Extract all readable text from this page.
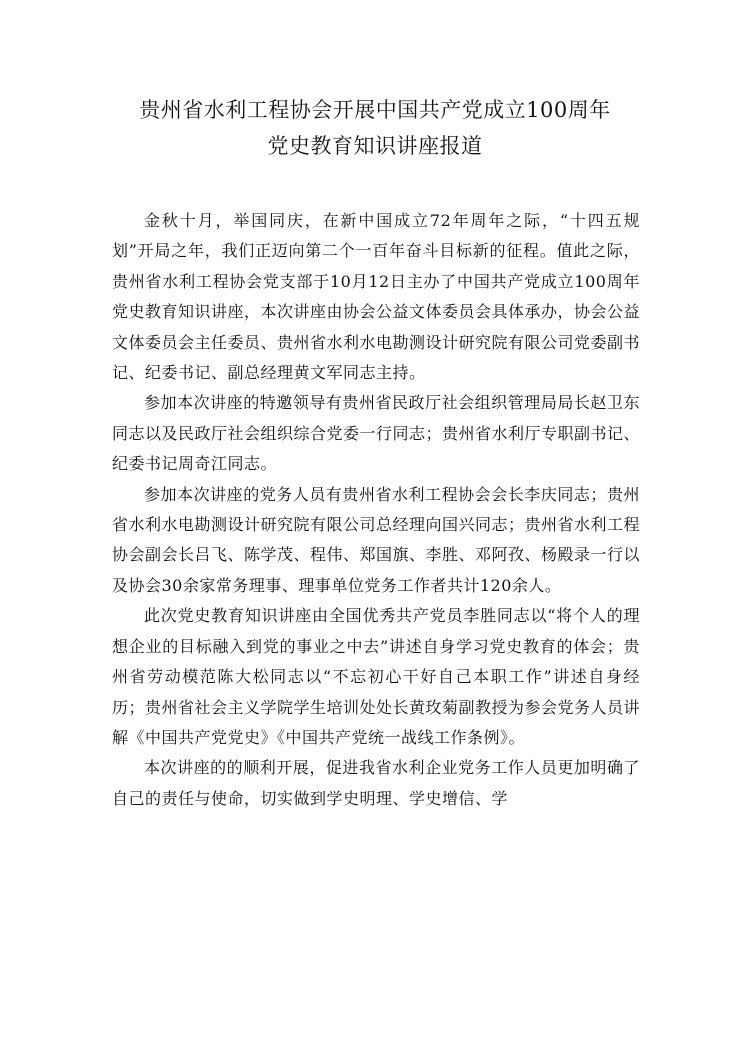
贵州省水利工程协会开展中国共产党成立100周年
党史教育知识讲座报道

金秋十月，举国同庆，在新中国成立72年周年之际，“十四五规划”开局之年，我们正迈向第二个一百年奋斗目标新的征程。值此之际，贵州省水利工程协会党支部于10月12日主办了中国共产党成立100周年党史教育知识讲座，本次讲座由协会公益文体委员会具体承办，协会公益文体委员会主任委员、贵州省水利水电勘测设计研究院有限公司党委副书记、纪委书记、副总经理黄文军同志主持。

参加本次讲座的特邀领导有贵州省民政厅社会组织管理局局长赵卫东同志以及民政厅社会组织综合党委一行同志；贵州省水利厅专职副书记、纪委书记周奇江同志。

参加本次讲座的党务人员有贵州省水利工程协会会长李庆同志；贵州省水利水电勘测设计研究院有限公司总经理向国兴同志；贵州省水利工程协会副会长吕飞、陈学茂、程伟、郑国旗、李胜、邓阿孜、杨殿录一行以及协会30余家常务理事、理事单位党务工作者共计120余人。

此次党史教育知识讲座由全国优秀共产党员李胜同志以“将个人的理想企业的目标融入到党的事业之中去”讲述自身学习党史教育的体会；贵州省劳动模范陈大松同志以“不忘初心干好自己本职工作”讲述自身经历；贵州省社会主义学院学生培训处处长黄玫菊副教授为参会党务人员讲解《中国共产党党史》《中国共产党统一战线工作条例》。

本次讲座的的顺利开展，促进我省水利企业党务工作人员更加明确了自己的责任与使命，切实做到学史明理、学史增信、学
